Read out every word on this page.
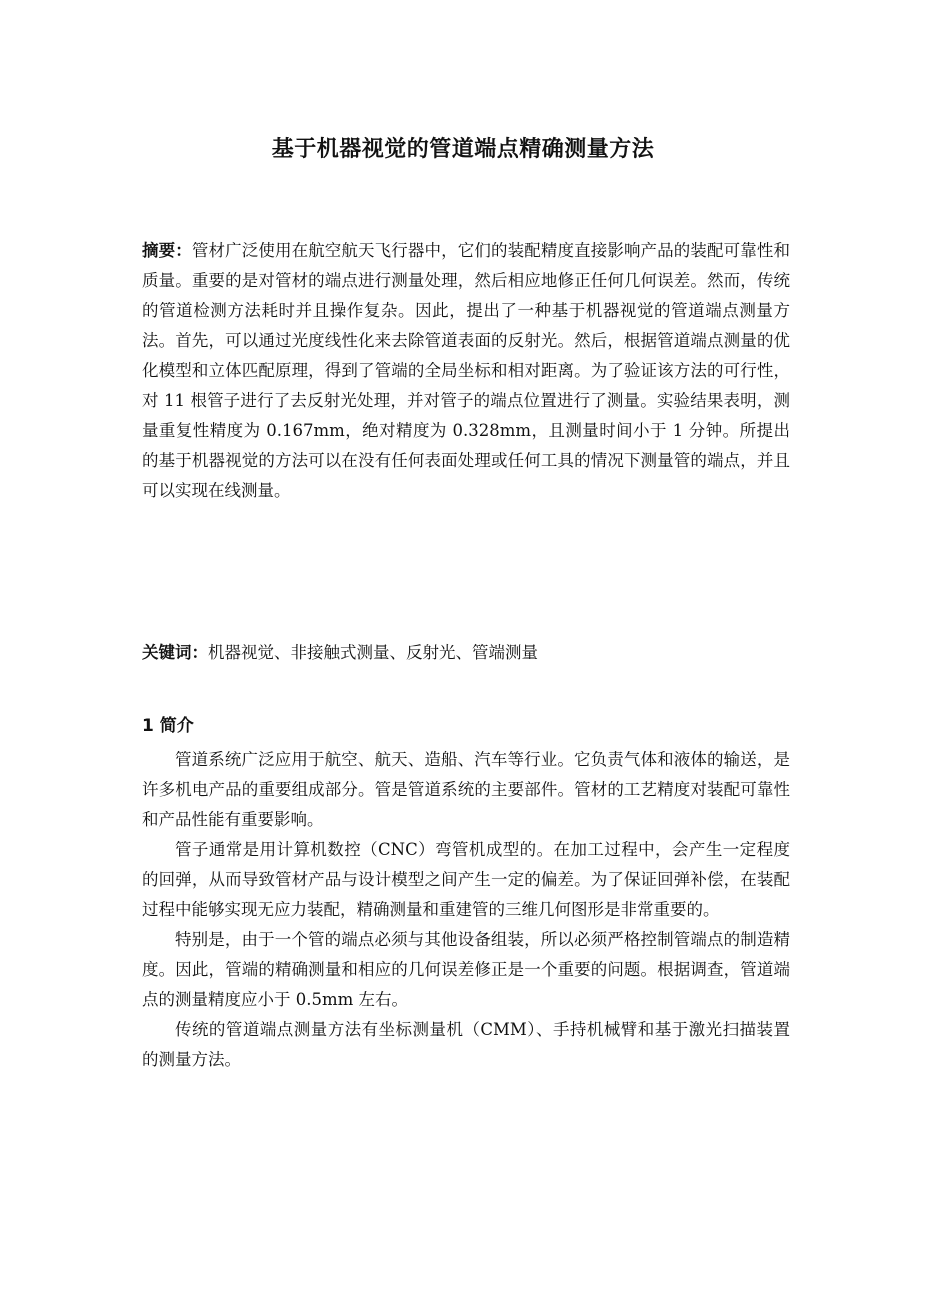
基于机器视觉的管道端点精确测量方法
摘要：管材广泛使用在航空航天飞行器中，它们的装配精度直接影响产品的装配可靠性和质量。重要的是对管材的端点进行测量处理，然后相应地修正任何几何误差。然而，传统的管道检测方法耗时并且操作复杂。因此，提出了一种基于机器视觉的管道端点测量方法。首先，可以通过光度线性化来去除管道表面的反射光。然后，根据管道端点测量的优化模型和立体匹配原理，得到了管端的全局坐标和相对距离。为了验证该方法的可行性，对 11 根管子进行了去反射光处理，并对管子的端点位置进行了测量。实验结果表明，测量重复性精度为 0.167mm，绝对精度为 0.328mm，且测量时间小于 1 分钟。所提出的基于机器视觉的方法可以在没有任何表面处理或任何工具的情况下测量管的端点，并且可以实现在线测量。
关键词：机器视觉、非接触式测量、反射光、管端测量
1 简介

管道系统广泛应用于航空、航天、造船、汽车等行业。它负责气体和液体的输送，是许多机电产品的重要组成部分。管是管道系统的主要部件。管材的工艺精度对装配可靠性和产品性能有重要影响。

管子通常是用计算机数控（CNC）弯管机成型的。在加工过程中，会产生一定程度的回弹，从而导致管材产品与设计模型之间产生一定的偏差。为了保证回弹补偿，在装配过程中能够实现无应力装配，精确测量和重建管的三维几何图形是非常重要的。

特别是，由于一个管的端点必须与其他设备组装，所以必须严格控制管端点的制造精度。因此，管端的精确测量和相应的几何误差修正是一个重要的问题。根据调查，管道端点的测量精度应小于 0.5mm 左右。

传统的管道端点测量方法有坐标测量机（CMM）、手持机械臂和基于激光扫描装置的测量方法。
